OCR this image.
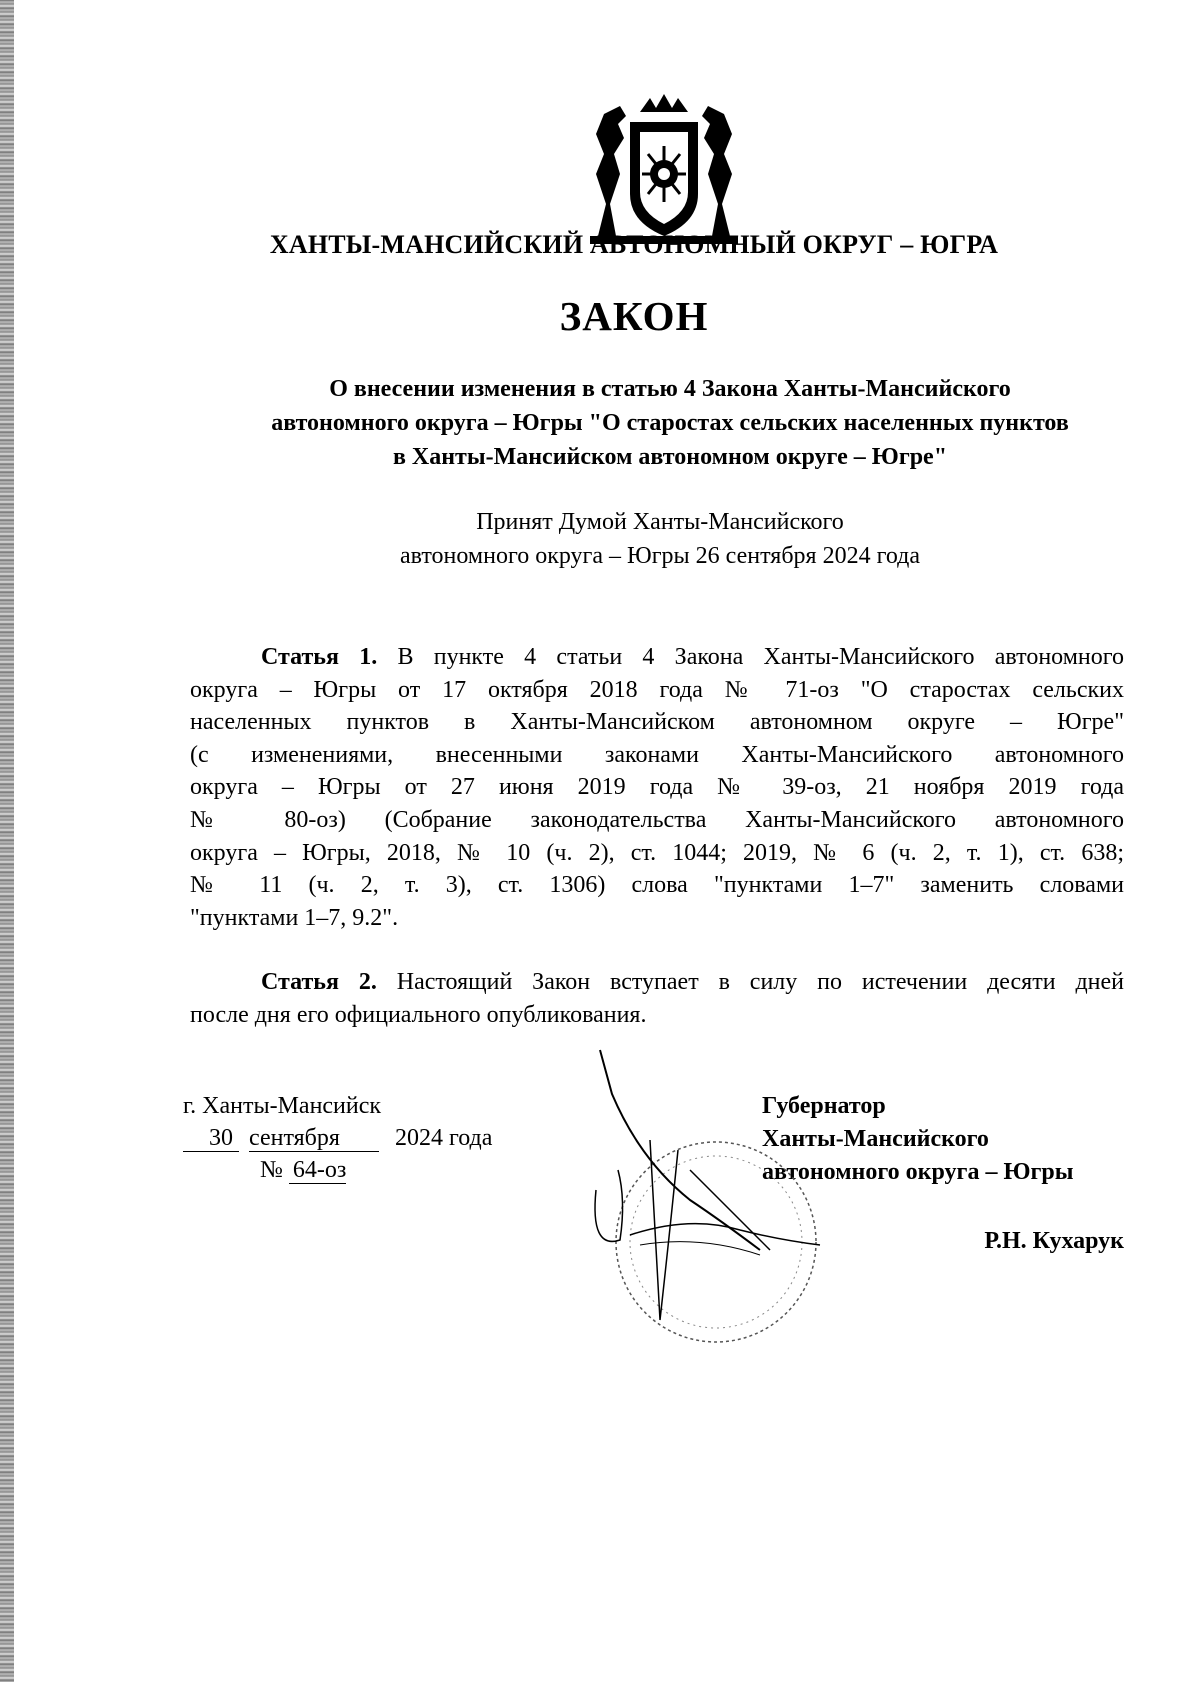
ХАНТЫ-МАНСИЙСКИЙ АВТОНОМНЫЙ ОКРУГ – ЮГРА
ЗАКОН
О внесении изменения в статью 4 Закона Ханты-Мансийского
автономного округа – Югры "О старостах сельских населенных пунктов
в Ханты-Мансийском автономном округе – Югре"
Принят Думой Ханты-Мансийского
автономного округа – Югры 26 сентября 2024 года
Статья 1. В пункте 4 статьи 4 Закона Ханты-Мансийского автономного
округа – Югры от 17 октября 2018 года № 71-оз "О старостах сельских
населенных пунктов в Ханты-Мансийском автономном округе – Югре"
(с изменениями, внесенными законами Ханты-Мансийского автономного
округа – Югры от 27 июня 2019 года № 39-оз, 21 ноября 2019 года
№ 80-оз) (Собрание законодательства Ханты-Мансийского автономного
округа – Югры, 2018, № 10 (ч. 2), ст. 1044; 2019, № 6 (ч. 2, т. 1), ст. 638;
№ 11 (ч. 2, т. 3), ст. 1306) слова "пунктами 1–7" заменить словами
"пунктами 1–7, 9.2".
Статья 2. Настоящий Закон вступает в силу по истечении десяти дней
после дня его официального опубликования.
г. Ханты-Мансийск
30 сентября 2024 года
№ 64-оз
Губернатор
Ханты-Мансийского
автономного округа – Югры
Р.Н. Кухарук
